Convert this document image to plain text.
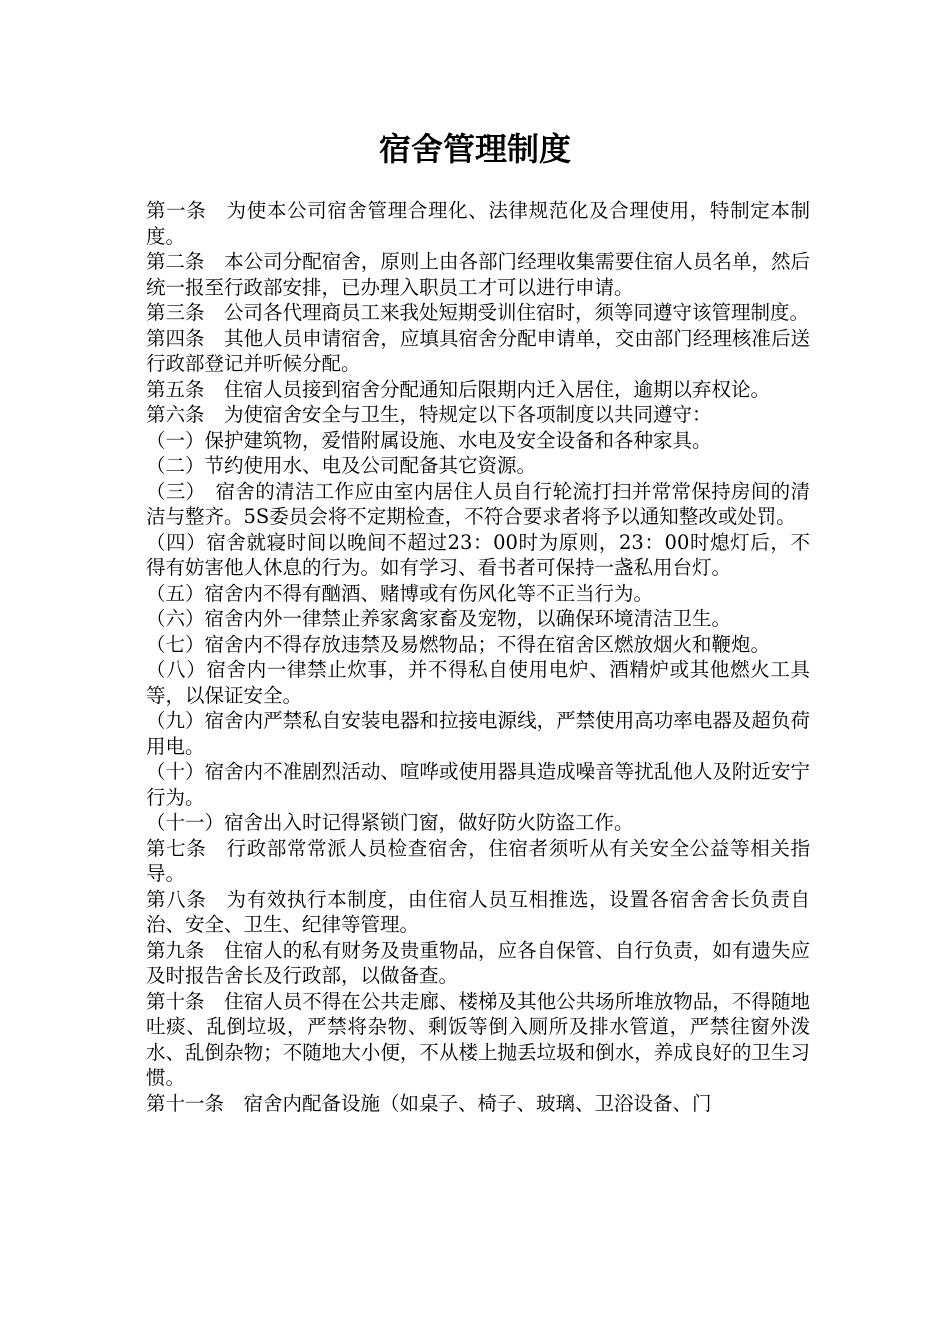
宿舍管理制度

第一条　为使本公司宿舍管理合理化、法律规范化及合理使用，特制定本制度。

第二条　本公司分配宿舍，原则上由各部门经理收集需要住宿人员名单，然后统一报至行政部安排，已办理入职员工才可以进行申请。

第三条　公司各代理商员工来我处短期受训住宿时，须等同遵守该管理制度。

第四条　其他人员申请宿舍，应填具宿舍分配申请单，交由部门经理核准后送行政部登记并听候分配。

第五条　住宿人员接到宿舍分配通知后限期内迁入居住，逾期以弃权论。

第六条　为使宿舍安全与卫生，特规定以下各项制度以共同遵守：

（一）保护建筑物，爱惜附属设施、水电及安全设备和各种家具。

（二）节约使用水、电及公司配备其它资源。

（三）　宿舍的清洁工作应由室内居住人员自行轮流打扫并常常保持房间的清洁与整齐。5S委员会将不定期检查，不符合要求者将予以通知整改或处罚。

（四）宿舍就寝时间以晚间不超过23：00时为原则，23：00时熄灯后，不得有妨害他人休息的行为。如有学习、看书者可保持一盏私用台灯。

（五）宿舍内不得有酗酒、赌博或有伤风化等不正当行为。

（六）宿舍内外一律禁止养家禽家畜及宠物，以确保环境清洁卫生。

（七）宿舍内不得存放违禁及易燃物品；不得在宿舍区燃放烟火和鞭炮。

（八）宿舍内一律禁止炊事，并不得私自使用电炉、酒精炉或其他燃火工具等，以保证安全。

（九）宿舍内严禁私自安装电器和拉接电源线，严禁使用高功率电器及超负荷用电。

（十）宿舍内不准剧烈活动、喧哗或使用器具造成噪音等扰乱他人及附近安宁行为。

（十一）宿舍出入时记得紧锁门窗，做好防火防盗工作。

第七条　行政部常常派人员检查宿舍，住宿者须听从有关安全公益等相关指导。

第八条　为有效执行本制度，由住宿人员互相推选，设置各宿舍舍长负责自治、安全、卫生、纪律等管理。

第九条　住宿人的私有财务及贵重物品，应各自保管、自行负责，如有遗失应及时报告舍长及行政部，以做备查。

第十条　住宿人员不得在公共走廊、楼梯及其他公共场所堆放物品，不得随地吐痰、乱倒垃圾，严禁将杂物、剩饭等倒入厕所及排水管道，严禁往窗外泼水、乱倒杂物；不随地大小便，不从楼上抛丢垃圾和倒水，养成良好的卫生习惯。

第十一条　宿舍内配备设施（如桌子、椅子、玻璃、卫浴设备、门
